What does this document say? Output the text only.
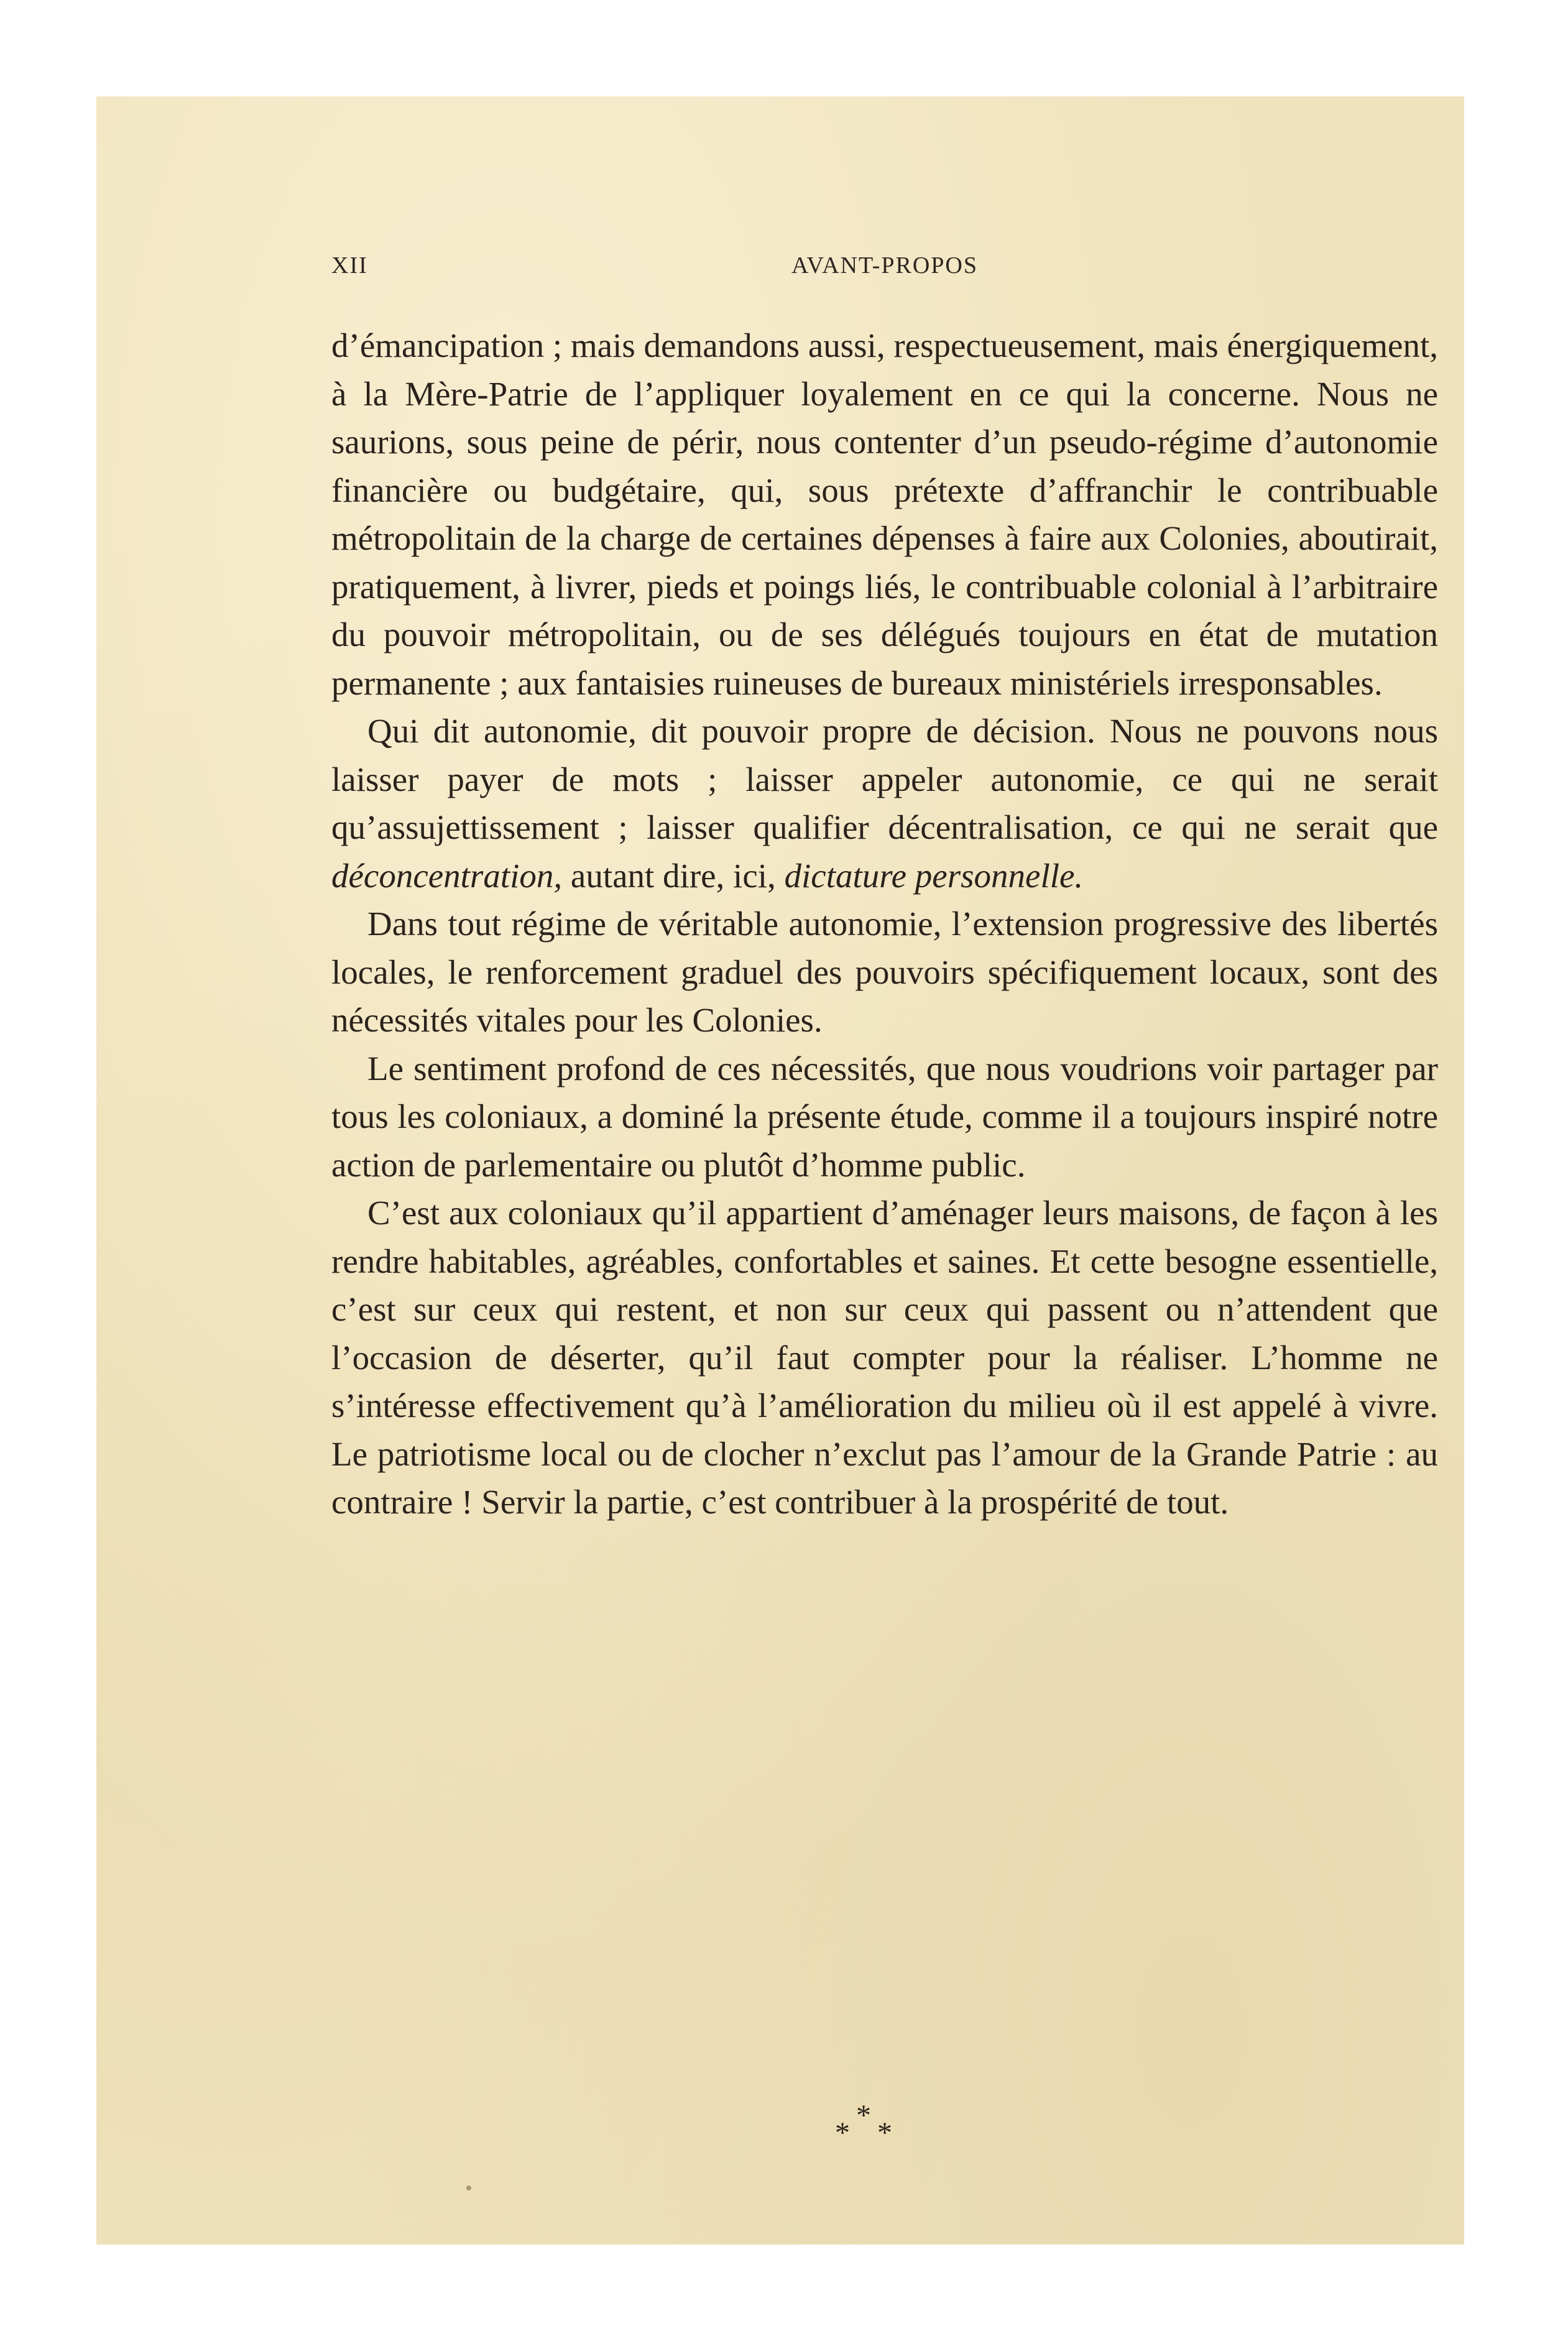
XII	AVANT-PROPOS

d’émancipation ; mais demandons aussi, respectueusement, mais énergiquement, à la Mère-Patrie de l’appliquer loyalement en ce qui la concerne. Nous ne saurions, sous peine de périr, nous contenter d’un pseudo-régime d’autonomie financière ou budgétaire, qui, sous prétexte d’affranchir le contribuable métropolitain de la charge de certaines dépenses à faire aux Colonies, aboutirait, pratiquement, à livrer, pieds et poings liés, le contribuable colonial à l’arbitraire du pouvoir métropolitain, ou de ses délégués toujours en état de mutation permanente ; aux fantaisies ruineuses de bureaux ministériels irresponsables.

Qui dit autonomie, dit pouvoir propre de décision. Nous ne pouvons nous laisser payer de mots ; laisser appeler autonomie, ce qui ne serait qu’assujettissement ; laisser qualifier décentralisation, ce qui ne serait que déconcentration, autant dire, ici, dictature personnelle.

Dans tout régime de véritable autonomie, l’extension progressive des libertés locales, le renforcement graduel des pouvoirs spécifiquement locaux, sont des nécessités vitales pour les Colonies.

Le sentiment profond de ces nécessités, que nous voudrions voir partager par tous les coloniaux, a dominé la présente étude, comme il a toujours inspiré notre action de parlementaire ou plutôt d’homme public.

C’est aux coloniaux qu’il appartient d’aménager leurs maisons, de façon à les rendre habitables, agréables, confortables et saines. Et cette besogne essentielle, c’est sur ceux qui restent, et non sur ceux qui passent ou n’attendent que l’occasion de déserter, qu’il faut compter pour la réaliser. L’homme ne s’intéresse effectivement qu’à l’amélioration du milieu où il est appelé à vivre. Le patriotisme local ou de clocher n’exclut pas l’amour de la Grande Patrie : au contraire ! Servir la partie, c’est contribuer à la prospérité de tout.

*
* *
